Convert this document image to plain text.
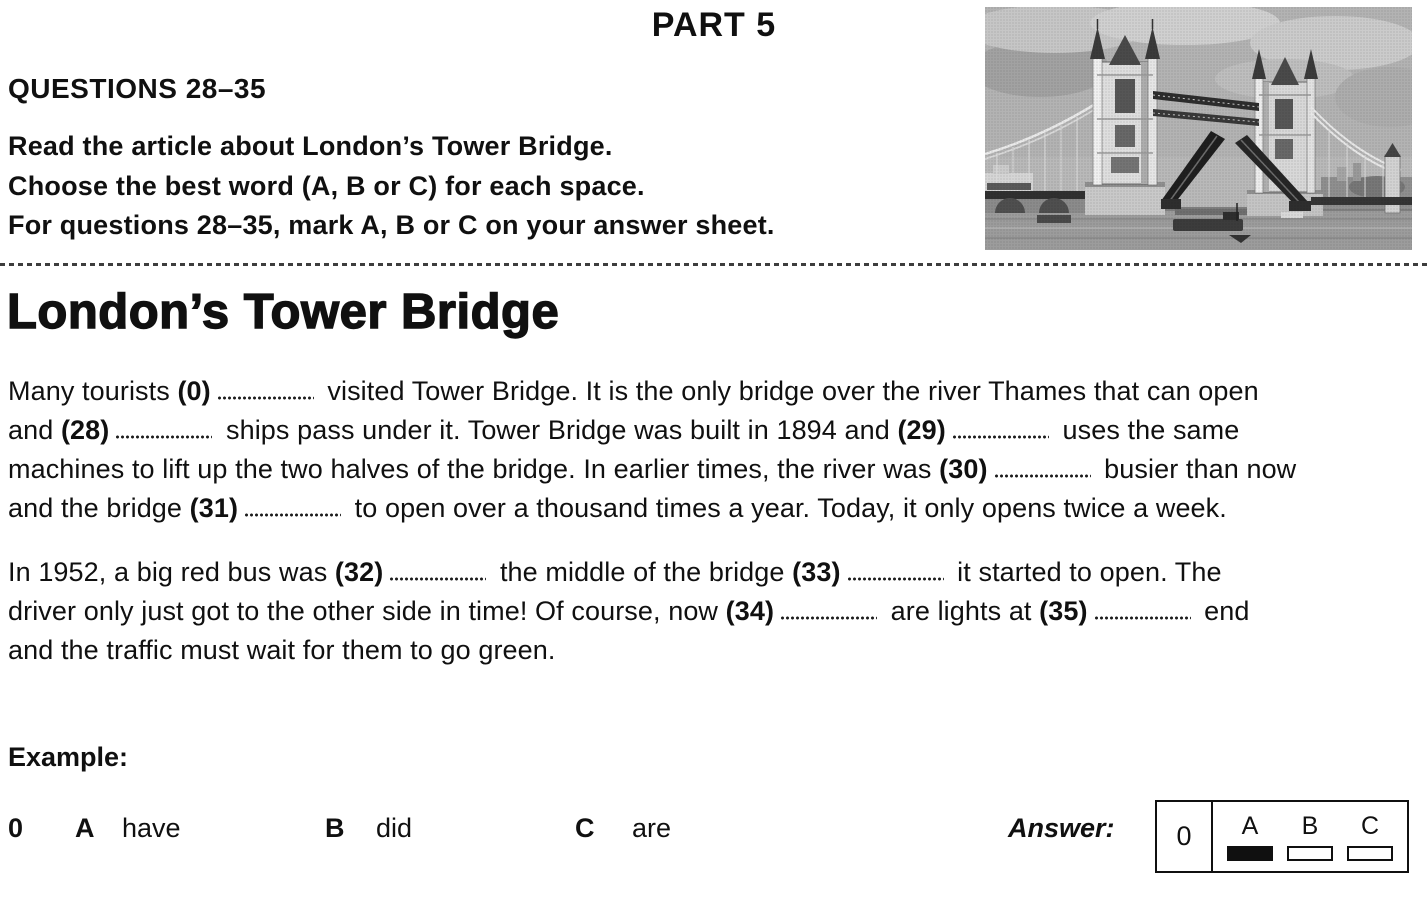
PART 5
QUESTIONS 28–35
Read the article about London’s Tower Bridge.
Choose the best word (A, B or C) for each space.
For questions 28–35, mark A, B or C on your answer sheet.
London’s Tower Bridge
Many tourists (0)	visited Tower Bridge. It is the only bridge over the river Thames that can open
and (28)	ships pass under it. Tower Bridge was built in 1894 and (29)	uses the same
machines to lift up the two halves of the bridge. In earlier times, the river was (30)	busier than now
and the bridge (31)	to open over a thousand times a year. Today, it only opens twice a week.
In 1952, a big red bus was (32)	the middle of the bridge (33)	it started to open. The
driver only just got to the other side in time! Of course, now (34)	are lights at (35)	end
and the traffic must wait for them to go green.
Example:
0 A have	B did	C are	Answer:	0	A B C
